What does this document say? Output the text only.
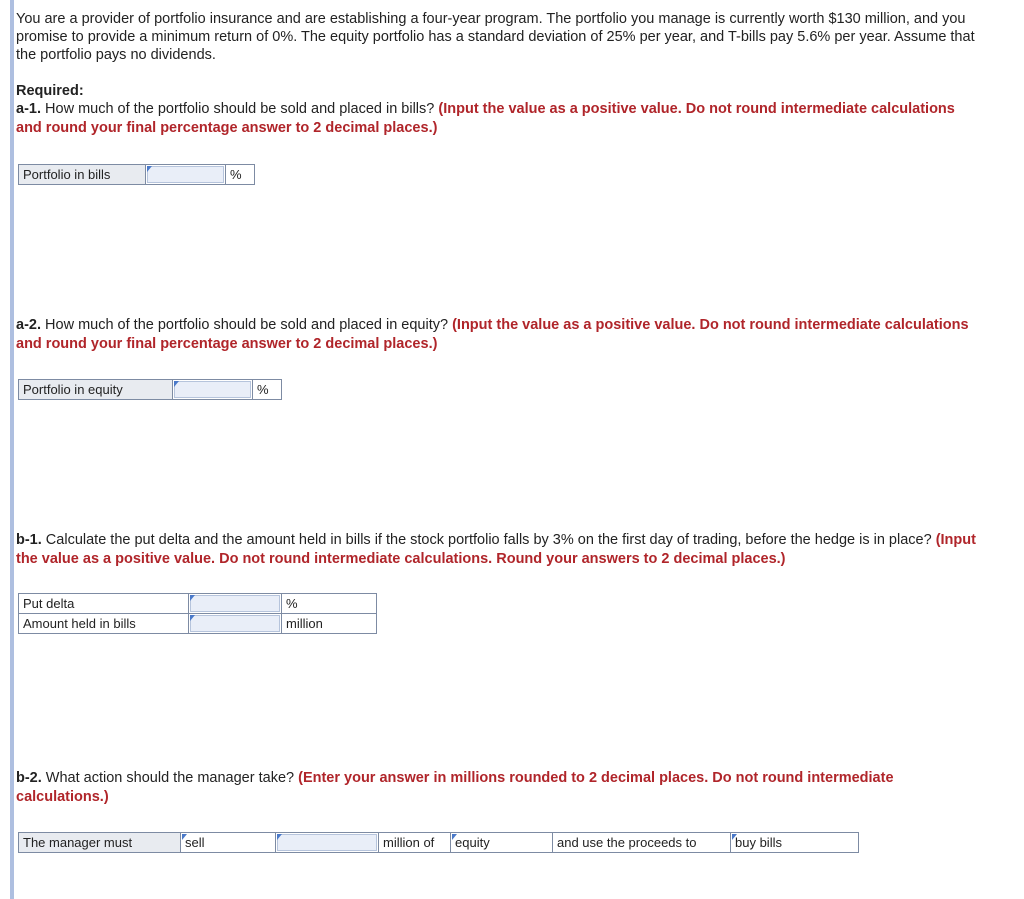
You are a provider of portfolio insurance and are establishing a four-year program. The portfolio you manage is currently worth $130 million, and you promise to provide a minimum return of 0%. The equity portfolio has a standard deviation of 25% per year, and T-bills pay 5.6% per year. Assume that the portfolio pays no dividends.

Required:
a-1. How much of the portfolio should be sold and placed in bills? (Input the value as a positive value. Do not round intermediate calculations and round your final percentage answer to 2 decimal places.)
Portfolio in bills		%
a-2. How much of the portfolio should be sold and placed in equity? (Input the value as a positive value. Do not round intermediate calculations and round your final percentage answer to 2 decimal places.)
Portfolio in equity		%
b-1. Calculate the put delta and the amount held in bills if the stock portfolio falls by 3% on the first day of trading, before the hedge is in place? (Input the value as a positive value. Do not round intermediate calculations. Round your answers to 2 decimal places.)
Put delta		%
Amount held in bills		million
b-2. What action should the manager take? (Enter your answer in millions rounded to 2 decimal places. Do not round intermediate calculations.)
The manager must	sell		million of	equity	and use the proceeds to	buy bills
